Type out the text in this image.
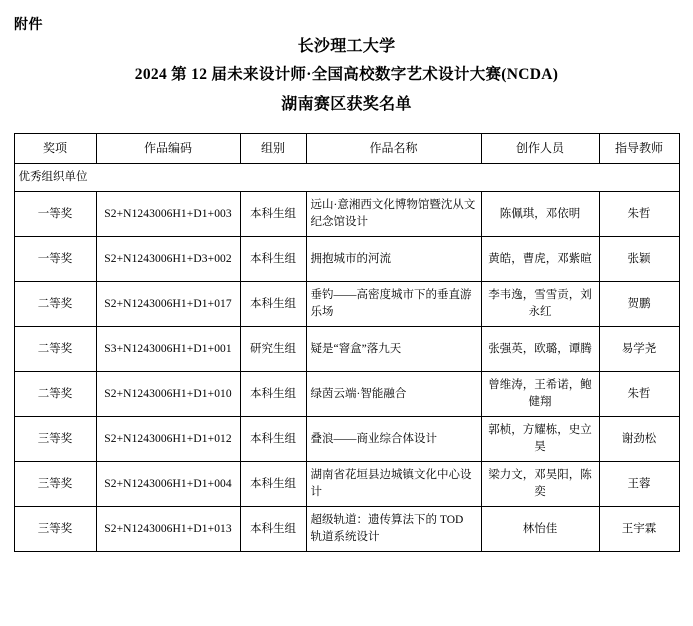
附件
长沙理工大学
2024 第 12 届未来设计师·全国高校数字艺术设计大赛(NCDA)
湖南赛区获奖名单
奖项	作品编码	组别	作品名称	创作人员	指导教师
优秀组织单位					
一等奖	S2+N1243006H1+D1+003	本科生组	远山·意湘西文化博物馆暨沈从文纪念馆设计	陈佩琪，邓依明	朱哲
一等奖	S2+N1243006H1+D3+002	本科生组	拥抱城市的河流	黄皓，曹虎，邓紫暄	张颖
二等奖	S2+N1243006H1+D1+017	本科生组	垂钓——高密度城市下的垂直游乐场	李韦逸，雪雪贡，刘永红	贺鹏
二等奖	S3+N1243006H1+D1+001	研究生组	疑是“窨盒”落九天	张强英，欧璐，谭腾	易学尧
二等奖	S2+N1243006H1+D1+010	本科生组	绿茵云端·智能融合	曾维涛，王希诺，鲍健翔	朱哲
三等奖	S2+N1243006H1+D1+012	本科生组	叠浪——商业综合体设计	郭桢，方耀栋，史立昊	谢劲松
三等奖	S2+N1243006H1+D1+004	本科生组	湖南省花垣县边城镇文化中心设计	梁力文，邓昊阳，陈奕	王蓉
三等奖	S2+N1243006H1+D1+013	本科生组	超级轨道：遗传算法下的 TOD 轨道系统设计	林怡佳	王宇霖
